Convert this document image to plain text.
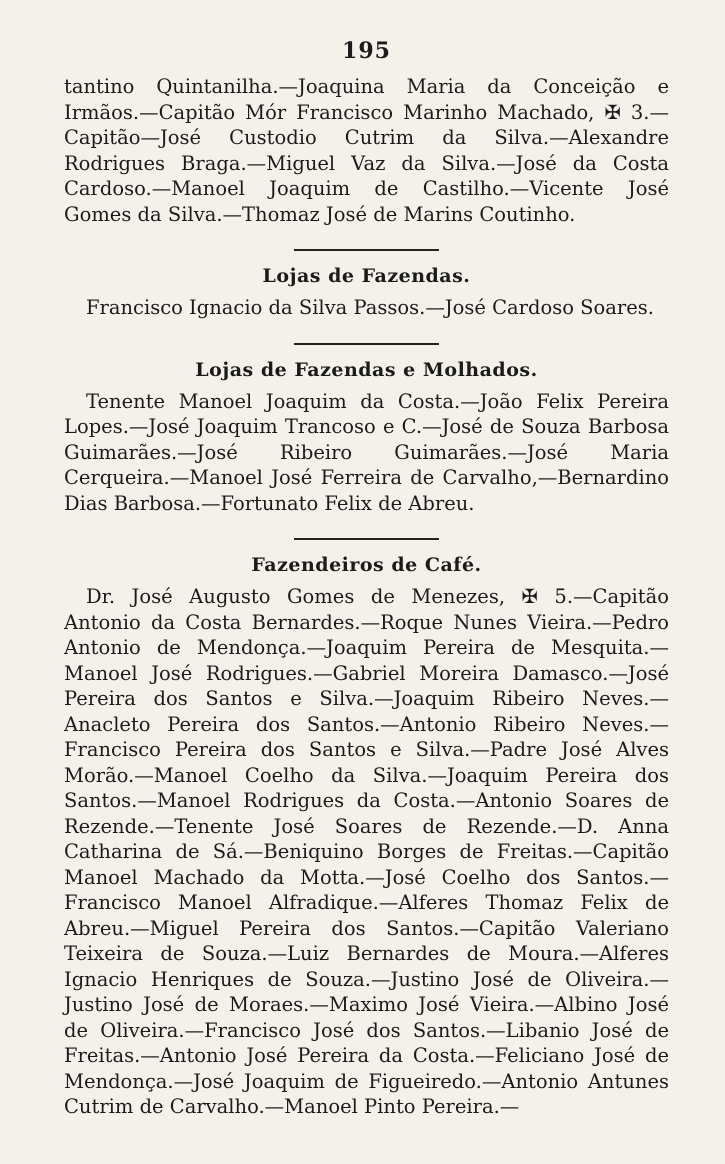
195

tantino Quintanilha.—Joaquina Maria da Conceição e Irmãos.—Capitão Mór Francisco Marinho Machado, ✠ 3.—Capitão—José Custodio Cutrim da Silva.—Alexandre Rodrigues Braga.—Miguel Vaz da Silva.—José da Costa Cardoso.—Manoel Joaquim de Castilho.—Vicente José Gomes da Silva.—Thomaz José de Marins Coutinho.

Lojas de Fazendas.

Francisco Ignacio da Silva Passos.—José Cardoso Soares.

Lojas de Fazendas e Molhados.

Tenente Manoel Joaquim da Costa.—João Felix Pereira Lopes.—José Joaquim Trancoso e C.—José de Souza Barbosa Guimarães.—José Ribeiro Guimarães.—José Maria Cerqueira.—Manoel José Ferreira de Carvalho,—Bernardino Dias Barbosa.—Fortunato Felix de Abreu.

Fazendeiros de Café.

Dr. José Augusto Gomes de Menezes, ✠ 5.—Capitão Antonio da Costa Bernardes.—Roque Nunes Vieira.—Pedro Antonio de Mendonça.—Joaquim Pereira de Mesquita.—Manoel José Rodrigues.—Gabriel Moreira Damasco.—José Pereira dos Santos e Silva.—Joaquim Ribeiro Neves.—Anacleto Pereira dos Santos.—Antonio Ribeiro Neves.—Francisco Pereira dos Santos e Silva.—Padre José Alves Morão.—Manoel Coelho da Silva.—Joaquim Pereira dos Santos.—Manoel Rodrigues da Costa.—Antonio Soares de Rezende.—Tenente José Soares de Rezende.—D. Anna Catharina de Sá.—Beniquino Borges de Freitas.—Capitão Manoel Machado da Motta.—José Coelho dos Santos.—Francisco Manoel Alfradique.—Alferes Thomaz Felix de Abreu.—Miguel Pereira dos Santos.—Capitão Valeriano Teixeira de Souza.—Luiz Bernardes de Moura.—Alferes Ignacio Henriques de Souza.—Justino José de Oliveira.—Justino José de Moraes.—Maximo José Vieira.—Albino José de Oliveira.—Francisco José dos Santos.—Libanio José de Freitas.—Antonio José Pereira da Costa.—Feliciano José de Mendonça.—José Joaquim de Figueiredo.—Antonio Antunes Cutrim de Carvalho.—Manoel Pinto Pereira.—
